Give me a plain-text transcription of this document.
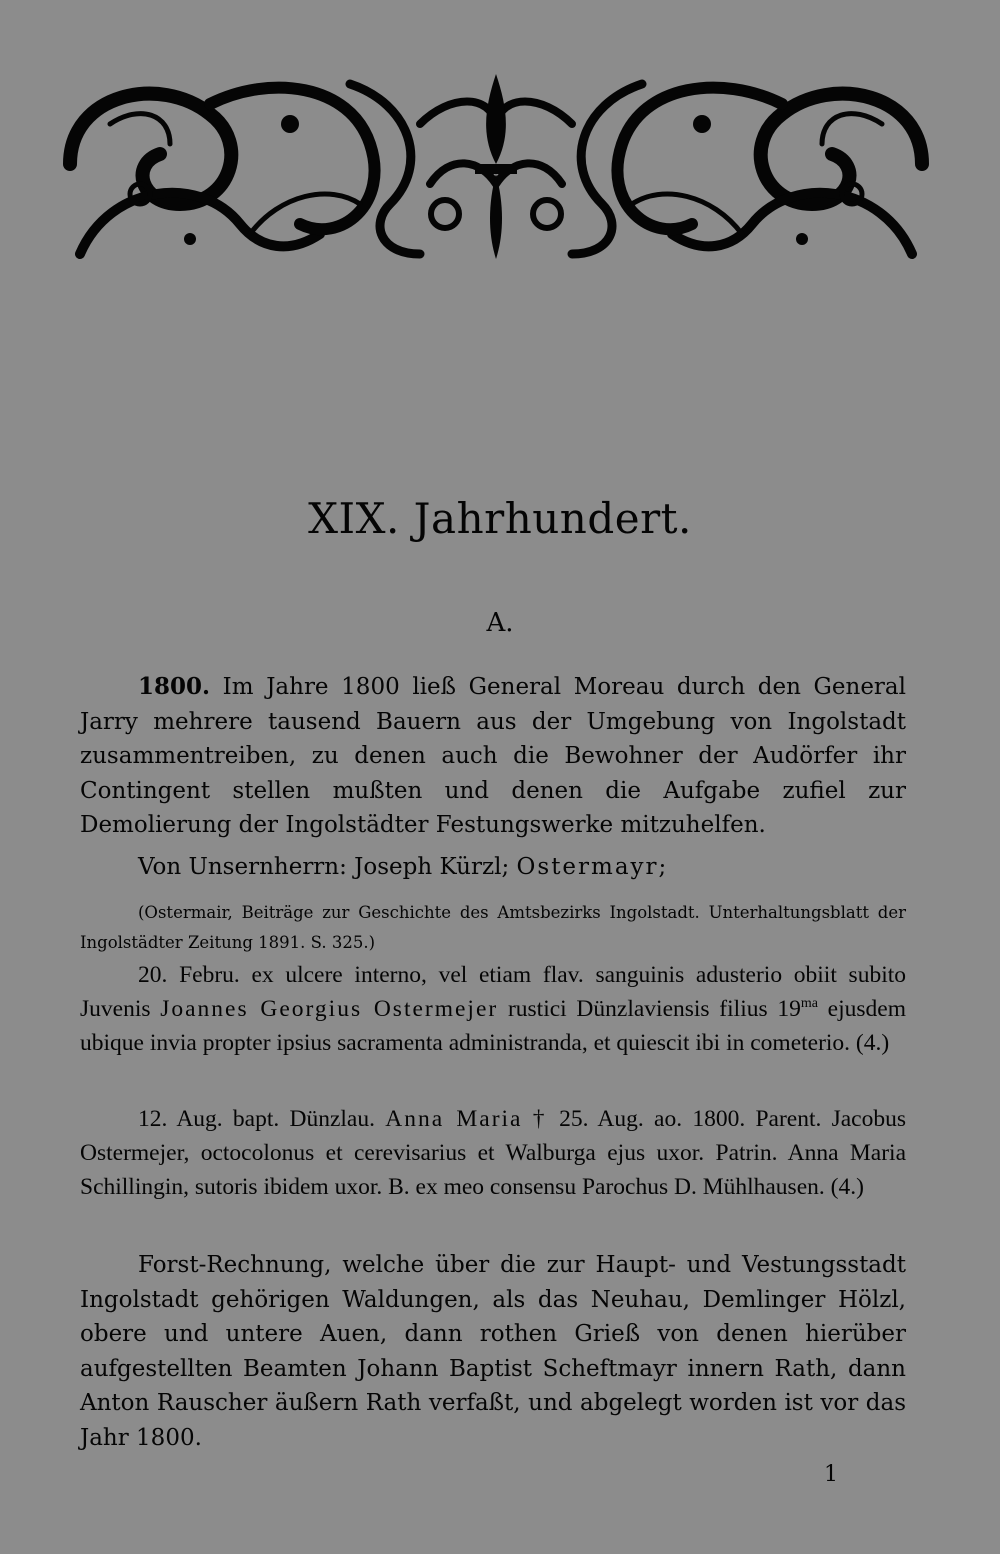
XIX. Jahrhundert.
A.
1800. Im Jahre 1800 ließ General Moreau durch den General Jarry mehrere tausend Bauern aus der Umgebung von Ingolstadt zusammentreiben, zu denen auch die Bewohner der Audörfer ihr Contingent stellen mußten und denen die Aufgabe zufiel zur Demolierung der Ingolstädter Festungswerke mitzuhelfen.
Von Unsernherrn: Joseph Kürzl; Ostermayr;
(Ostermair, Beiträge zur Geschichte des Amtsbezirks Ingolstadt. Unterhaltungsblatt der Ingolstädter Zeitung 1891. S. 325.)
20. Febru. ex ulcere interno, vel etiam flav. sanguinis adusterio obiit subito Juvenis Joannes Georgius Ostermejer rustici Dünzlaviensis filius $19^{ma}$ ejusdem ubique invia propter ipsius sacramenta administranda, et quiescit ibi in cometerio. (4.)
12. Aug. bapt. Dünzlau. Anna Maria † 25. Aug. ao. 1800. Parent. Jacobus Ostermejer, octocolonus et cerevisarius et Walburga ejus uxor. Patrin. Anna Maria Schillingin, sutoris ibidem uxor. B. ex meo consensu Parochus D. Mühlhausen. (4.)
Forst-Rechnung, welche über die zur Haupt- und Vestungsstadt Ingolstadt gehörigen Waldungen, als das Neuhau, Demlinger Hölzl, obere und untere Auen, dann rothen Grieß von denen hierüber aufgestellten Beamten Johann Baptist Scheftmayr innern Rath, dann Anton Rauscher äußern Rath verfaßt, und abgelegt worden ist vor das Jahr 1800.
1
